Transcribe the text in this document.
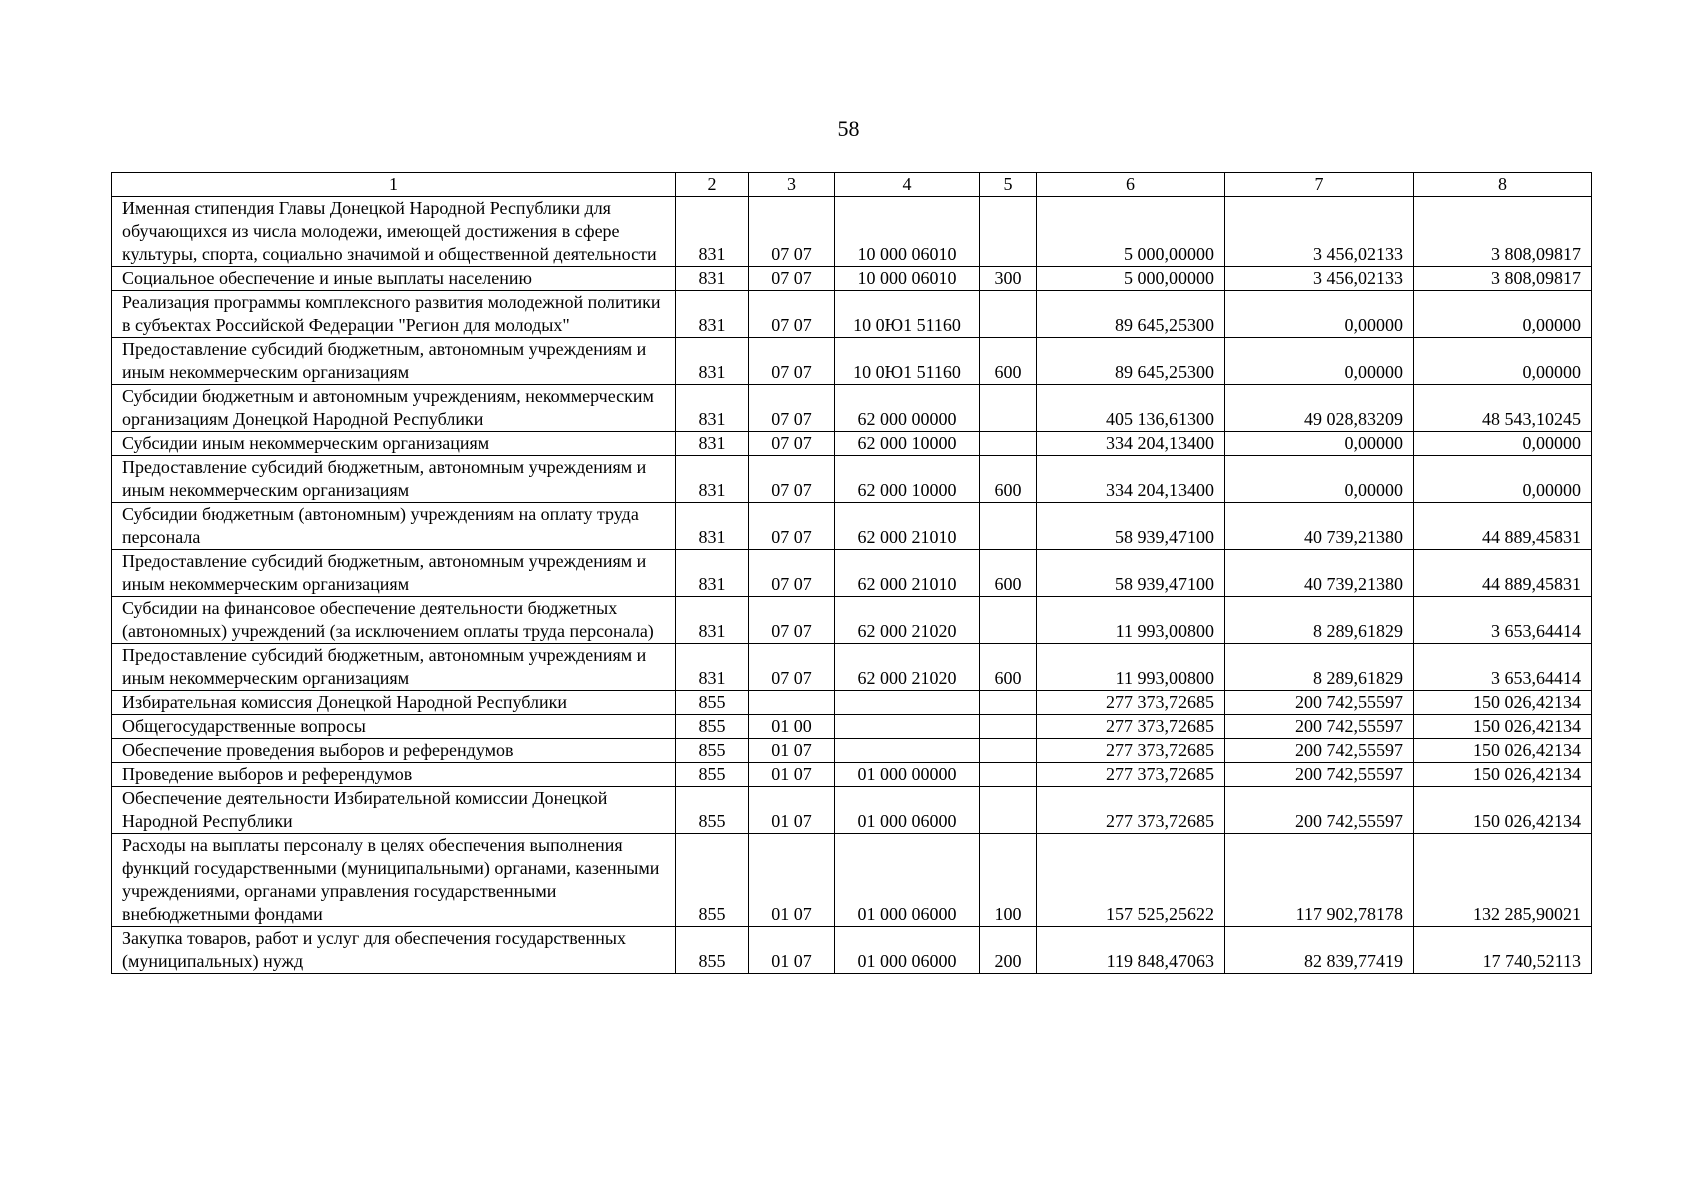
58
1	2	3	4	5	6	7	8
Именная стипендия Главы Донецкой Народной Республики для обучающихся из числа молодежи, имеющей достижения в сфере культуры, спорта, социально значимой и общественной деятельности	831	07 07	10 000 06010		5 000,00000	3 456,02133	3 808,09817
Социальное обеспечение и иные выплаты населению	831	07 07	10 000 06010	300	5 000,00000	3 456,02133	3 808,09817
Реализация программы комплексного развития молодежной политики в субъектах Российской Федерации "Регион для молодых"	831	07 07	10 0Ю1 51160		89 645,25300	0,00000	0,00000
Предоставление субсидий бюджетным, автономным учреждениям и иным некоммерческим организациям	831	07 07	10 0Ю1 51160	600	89 645,25300	0,00000	0,00000
Субсидии бюджетным и автономным учреждениям, некоммерческим организациям Донецкой Народной Республики	831	07 07	62 000 00000		405 136,61300	49 028,83209	48 543,10245
Субсидии иным некоммерческим организациям	831	07 07	62 000 10000		334 204,13400	0,00000	0,00000
Предоставление субсидий бюджетным, автономным учреждениям и иным некоммерческим организациям	831	07 07	62 000 10000	600	334 204,13400	0,00000	0,00000
Субсидии бюджетным (автономным) учреждениям на оплату труда персонала	831	07 07	62 000 21010		58 939,47100	40 739,21380	44 889,45831
Предоставление субсидий бюджетным, автономным учреждениям и иным некоммерческим организациям	831	07 07	62 000 21010	600	58 939,47100	40 739,21380	44 889,45831
Субсидии на финансовое обеспечение деятельности бюджетных (автономных) учреждений (за исключением оплаты труда персонала)	831	07 07	62 000 21020		11 993,00800	8 289,61829	3 653,64414
Предоставление субсидий бюджетным, автономным учреждениям и иным некоммерческим организациям	831	07 07	62 000 21020	600	11 993,00800	8 289,61829	3 653,64414
Избирательная комиссия Донецкой Народной Республики	855				277 373,72685	200 742,55597	150 026,42134
Общегосударственные вопросы	855	01 00			277 373,72685	200 742,55597	150 026,42134
Обеспечение проведения выборов и референдумов	855	01 07			277 373,72685	200 742,55597	150 026,42134
Проведение выборов и референдумов	855	01 07	01 000 00000		277 373,72685	200 742,55597	150 026,42134
Обеспечение деятельности Избирательной комиссии Донецкой Народной Республики	855	01 07	01 000 06000		277 373,72685	200 742,55597	150 026,42134
Расходы на выплаты персоналу в целях обеспечения выполнения функций государственными (муниципальными) органами, казенными учреждениями, органами управления государственными внебюджетными фондами	855	01 07	01 000 06000	100	157 525,25622	117 902,78178	132 285,90021
Закупка товаров, работ и услуг для обеспечения государственных (муниципальных) нужд	855	01 07	01 000 06000	200	119 848,47063	82 839,77419	17 740,52113
